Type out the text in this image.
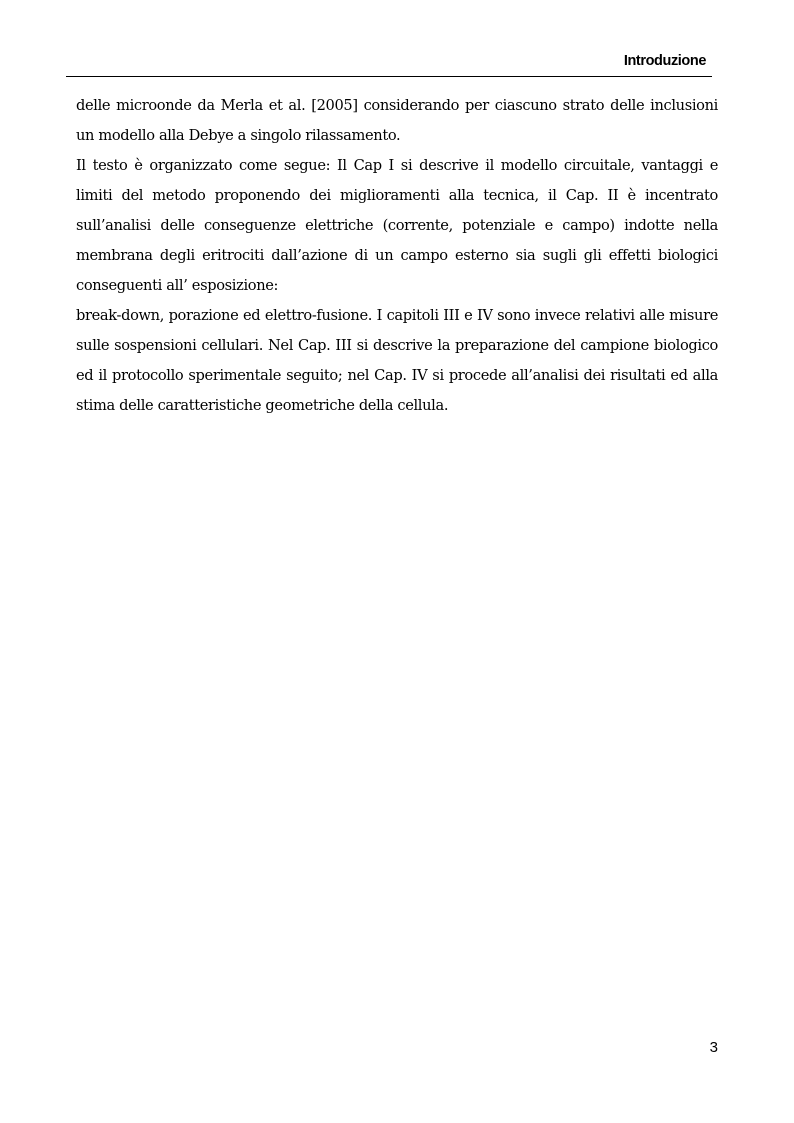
Introduzione

delle microonde da Merla et al. [2005] considerando per ciascuno strato delle inclusioni un modello alla Debye a singolo rilassamento.

Il testo è organizzato come segue: Il Cap I si descrive il modello circuitale, vantaggi e limiti del metodo proponendo dei miglioramenti alla tecnica, il Cap. II è incentrato sull’analisi delle conseguenze elettriche (corrente, potenziale e campo) indotte nella membrana degli eritrociti dall’azione di un campo esterno sia sugli gli effetti biologici conseguenti all’ esposizione:

break-down, porazione ed elettro-fusione. I capitoli III e IV sono invece relativi alle misure sulle sospensioni cellulari. Nel Cap. III si descrive la preparazione del campione biologico ed il protocollo sperimentale seguito; nel Cap. IV si procede all’analisi dei risultati ed alla stima delle caratteristiche geometriche della cellula.

3
